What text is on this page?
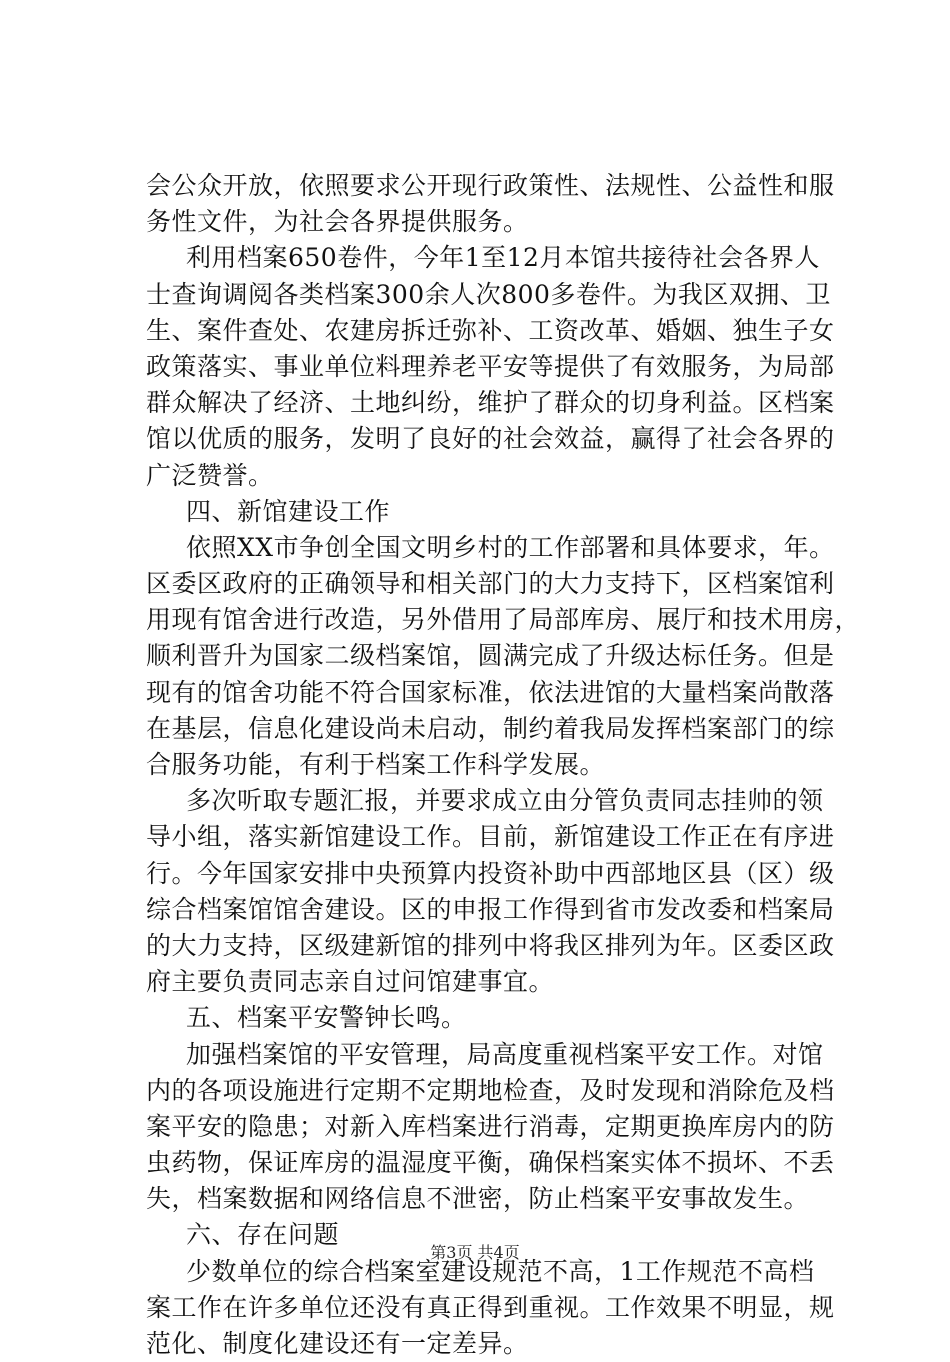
会公众开放，依照要求公开现行政策性、法规性、公益性和服
务性文件，为社会各界提供服务。
利用档案650卷件，今年1至12月本馆共接待社会各界人
士查询调阅各类档案300余人次800多卷件。为我区双拥、卫
生、案件查处、农建房拆迁弥补、工资改革、婚姻、独生子女
政策落实、事业单位料理养老平安等提供了有效服务，为局部
群众解决了经济、土地纠纷，维护了群众的切身利益。区档案
馆以优质的服务，发明了良好的社会效益，赢得了社会各界的
广泛赞誉。
四、新馆建设工作
依照XX市争创全国文明乡村的工作部署和具体要求，年。
区委区政府的正确领导和相关部门的大力支持下，区档案馆利
用现有馆舍进行改造，另外借用了局部库房、展厅和技术用房，
顺利晋升为国家二级档案馆，圆满完成了升级达标任务。但是
现有的馆舍功能不符合国家标准，依法进馆的大量档案尚散落
在基层，信息化建设尚未启动，制约着我局发挥档案部门的综
合服务功能，有利于档案工作科学发展。
多次听取专题汇报，并要求成立由分管负责同志挂帅的领
导小组，落实新馆建设工作。目前，新馆建设工作正在有序进
行。今年国家安排中央预算内投资补助中西部地区县（区）级
综合档案馆馆舍建设。区的申报工作得到省市发改委和档案局
的大力支持，区级建新馆的排列中将我区排列为年。区委区政
府主要负责同志亲自过问馆建事宜。
五、档案平安警钟长鸣。
加强档案馆的平安管理，局高度重视档案平安工作。对馆
内的各项设施进行定期不定期地检查，及时发现和消除危及档
案平安的隐患；对新入库档案进行消毒，定期更换库房内的防
虫药物，保证库房的温湿度平衡，确保档案实体不损坏、不丢
失，档案数据和网络信息不泄密，防止档案平安事故发生。
六、存在问题
少数单位的综合档案室建设规范不高，1工作规范不高档
案工作在许多单位还没有真正得到重视。工作效果不明显，规
范化、制度化建设还有一定差异。
第3页 共4页
